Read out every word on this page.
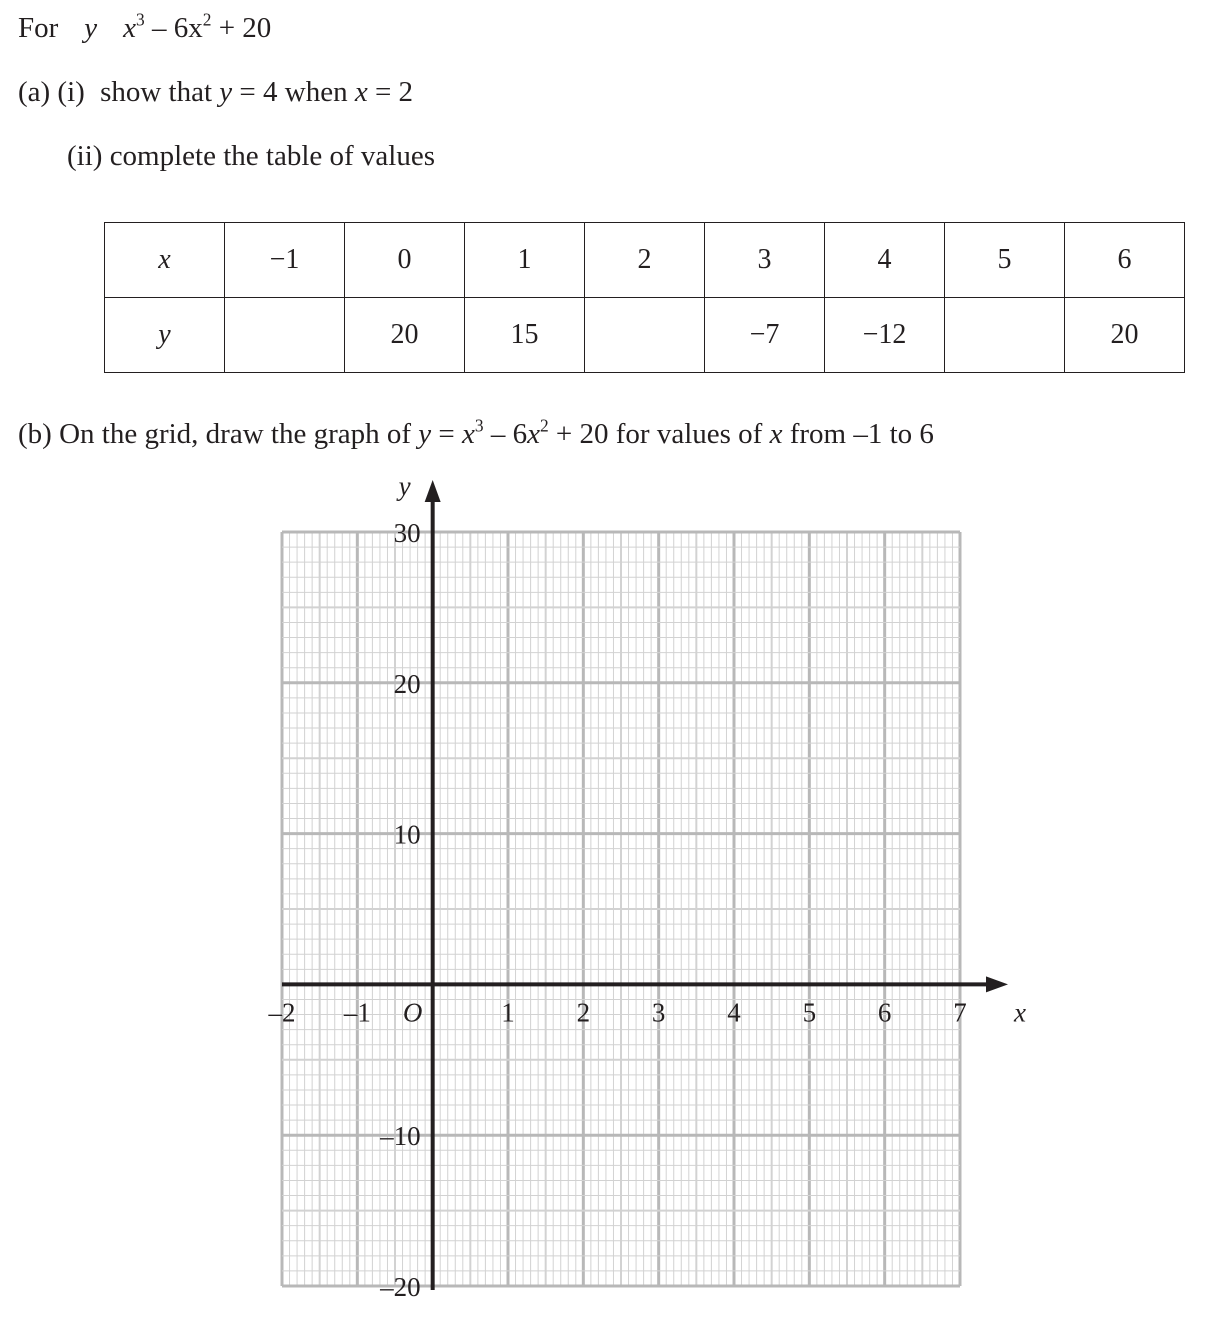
For y $x^3 - 6x^2 + 20$
(a) (i) show that y = 4 when x = 2
(ii) complete the table of values
x	−1	0	1	2	3	4	5	6
y		20	15		−7	−12		20
(b) On the grid, draw the graph of $y = x^3 - 6x^2 + 20$ for values of x from –1 to 6
–2 –1 O	1 2 3 4 5 6 7
30
20
10
–10
–20
x
y
